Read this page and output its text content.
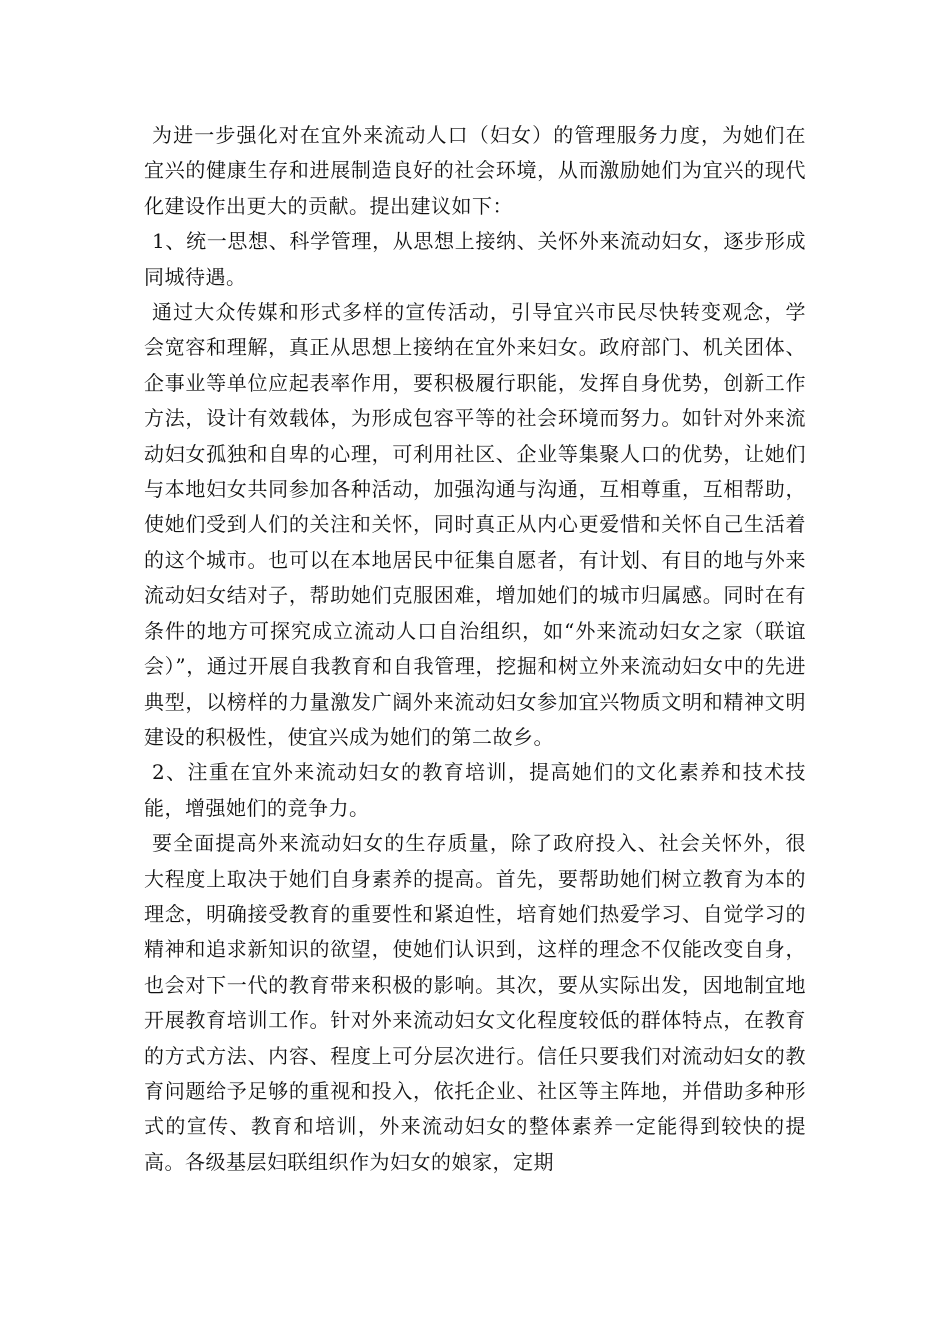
为进一步强化对在宜外来流动人口（妇女）的管理服务力度，为她们在宜兴的健康生存和进展制造良好的社会环境，从而激励她们为宜兴的现代化建设作出更大的贡献。提出建议如下：

1、统一思想、科学管理，从思想上接纳、关怀外来流动妇女，逐步形成同城待遇。

通过大众传媒和形式多样的宣传活动，引导宜兴市民尽快转变观念，学会宽容和理解，真正从思想上接纳在宜外来妇女。政府部门、机关团体、企事业等单位应起表率作用，要积极履行职能，发挥自身优势，创新工作方法，设计有效载体，为形成包容平等的社会环境而努力。如针对外来流动妇女孤独和自卑的心理，可利用社区、企业等集聚人口的优势，让她们与本地妇女共同参加各种活动，加强沟通与沟通，互相尊重，互相帮助，使她们受到人们的关注和关怀，同时真正从内心更爱惜和关怀自己生活着的这个城市。也可以在本地居民中征集自愿者，有计划、有目的地与外来流动妇女结对子，帮助她们克服困难，增加她们的城市归属感。同时在有条件的地方可探究成立流动人口自治组织，如“外来流动妇女之家（联谊会）”，通过开展自我教育和自我管理，挖掘和树立外来流动妇女中的先进典型，以榜样的力量激发广阔外来流动妇女参加宜兴物质文明和精神文明建设的积极性，使宜兴成为她们的第二故乡。

2、注重在宜外来流动妇女的教育培训，提高她们的文化素养和技术技能，增强她们的竞争力。

要全面提高外来流动妇女的生存质量，除了政府投入、社会关怀外，很大程度上取决于她们自身素养的提高。首先，要帮助她们树立教育为本的理念，明确接受教育的重要性和紧迫性，培育她们热爱学习、自觉学习的精神和追求新知识的欲望，使她们认识到，这样的理念不仅能改变自身，也会对下一代的教育带来积极的影响。其次，要从实际出发，因地制宜地开展教育培训工作。针对外来流动妇女文化程度较低的群体特点，在教育的方式方法、内容、程度上可分层次进行。信任只要我们对流动妇女的教育问题给予足够的重视和投入，依托企业、社区等主阵地，并借助多种形式的宣传、教育和培训，外来流动妇女的整体素养一定能得到较快的提高。各级基层妇联组织作为妇女的娘家，定期
